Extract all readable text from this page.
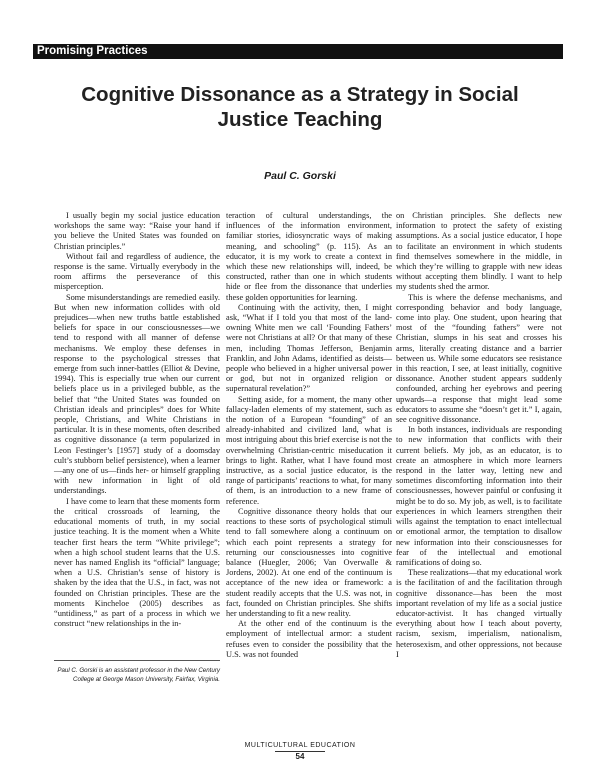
Promising Practices
Cognitive Dissonance as a Strategy in Social Justice Teaching
Paul C. Gorski

I usually begin my social justice education workshops the same way: “Raise your hand if you believe the United States was founded on Christian principles.”

Without fail and regardless of audience, the response is the same. Virtually everybody in the room affirms the perseverance of this misperception.

Some misunderstandings are remedied easily. But when new information collides with old prejudices—when new truths battle established beliefs for space in our consciousnesses—we tend to respond with all manner of defense mechanisms. We employ these defenses in response to the psychological stresses that emerge from such inner-battles (Elliot & Devine, 1994). This is especially true when our current beliefs place us in a privileged bubble, as the belief that “the United States was founded on Christian ideals and principles” does for White people, Christians, and White Christians in particular. It is in these moments, often described as cognitive dissonance (a term popularized in Leon Festinger’s [1957] study of a doomsday cult’s stubborn belief persistence), when a learner—any one of us—finds her- or himself grappling with new information in light of old understandings.

I have come to learn that these moments form the critical crossroads of learning, the educational moments of truth, in my social justice teaching. It is the moment when a White teacher first hears the term “White privilege”; when a high school student learns that the U.S. never has named English its “official” language; when a U.S. Christian’s sense of history is shaken by the idea that the U.S., in fact, was not founded on Christian principles. These are the moments Kincheloe (2005) describes as “untidiness,” as part of a process in which we construct “new relationships in the in-

teraction of cultural understandings, the influences of the information environment, familiar stories, idiosyncratic ways of making meaning, and schooling” (p. 115). As an educator, it is my work to create a context in which these new relationships will, indeed, be constructed, rather than one in which students hide or flee from the dissonance that underlies these golden opportunities for learning.

Continuing with the activity, then, I might ask, “What if I told you that most of the land-owning White men we call ‘Founding Fathers’ were not Christians at all? Or that many of these men, including Thomas Jefferson, Benjamin Franklin, and John Adams, identified as deists—people who believed in a higher universal power or god, but not in organized religion or supernatural revelation?”

Setting aside, for a moment, the many other fallacy-laden elements of my statement, such as the notion of a European “founding” of an already-inhabited and civilized land, what is most intriguing about this brief exercise is not the overwhelming Christian-centric miseducation it brings to light. Rather, what I have found most instructive, as a social justice educator, is the range of participants’ reactions to what, for many of them, is an introduction to a new frame of reference.

Cognitive dissonance theory holds that our reactions to these sorts of psychological stimuli tend to fall somewhere along a continuum on which each point represents a strategy for returning our consciousnesses into cognitive balance (Huegler, 2006; Van Overwalle & Jordens, 2002). At one end of the continuum is acceptance of the new idea or framework: a student readily accepts that the U.S. was not, in fact, founded on Christian principles. She shifts her understanding to fit a new reality.

At the other end of the continuum is the employment of intellectual armor: a student refuses even to consider the possibility that the U.S. was not founded

on Christian principles. She deflects new information to protect the safety of existing assumptions. As a social justice educator, I hope to facilitate an environment in which students find themselves somewhere in the middle, in which they’re willing to grapple with new ideas without accepting them blindly. I want to help my students shed the armor.

This is where the defense mechanisms, and corresponding behavior and body language, come into play. One student, upon hearing that most of the “founding fathers” were not Christian, slumps in his seat and crosses his arms, literally creating distance and a barrier between us. While some educators see resistance in this reaction, I see, at least initially, cognitive dissonance. Another student appears suddenly confounded, arching her eyebrows and peering upwards—a response that might lead some educators to assume she “doesn’t get it.” I, again, see cognitive dissonance.

In both instances, individuals are responding to new information that conflicts with their current beliefs. My job, as an educator, is to create an atmosphere in which more learners respond in the latter way, letting new and sometimes discomforting information into their consciousnesses, however painful or confusing it might be to do so. My job, as well, is to facilitate experiences in which learners strengthen their wills against the temptation to enact intellectual or emotional armor, the temptation to disallow new information into their consciousnesses for fear of the intellectual and emotional ramifications of doing so.

These realizations—that my educational work is the facilitation of and the facilitation through cognitive dissonance—has been the most important revelation of my life as a social justice educator-activist. It has changed virtually everything about how I teach about poverty, racism, sexism, imperialism, nationalism, heterosexism, and other oppressions, not because I

Paul C. Gorski is an assistant professor in the New Century College at George Mason University, Fairfax, Virginia.
MULTICULTURAL EDUCATION
54
